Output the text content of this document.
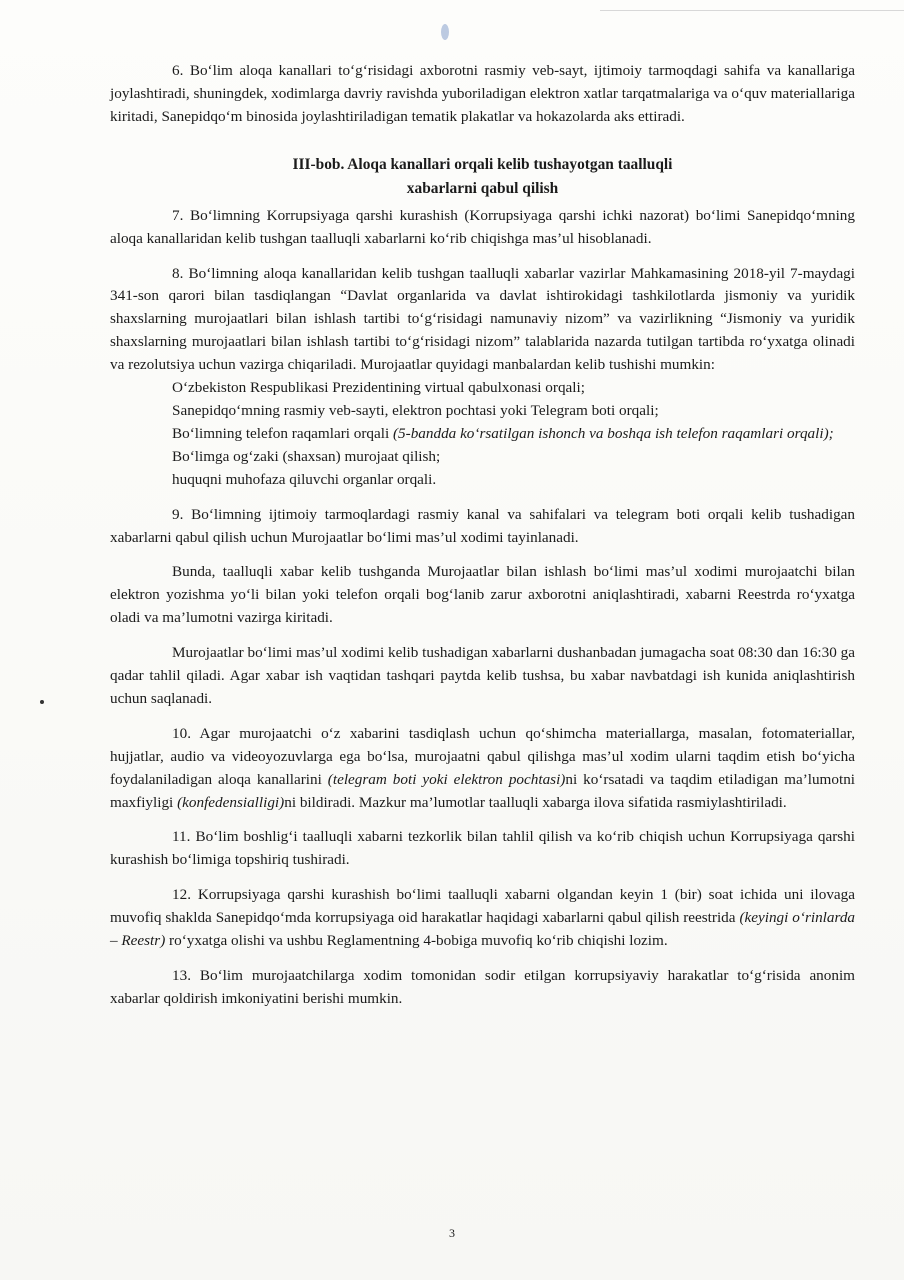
6. Bo‘lim aloqa kanallari to‘g‘risidagi axborotni rasmiy veb-sayt, ijtimoiy tarmoqdagi sahifa va kanallariga joylashtiradi, shuningdek, xodimlarga davriy ravishda yuboriladigan elektron xatlar tarqatmalariga va o‘quv materiallariga kiritadi, Sanepidqo‘m binosida joylashtiriladigan tematik plakatlar va hokazolarda aks ettiradi.

III-bob. Aloqa kanallari orqali kelib tushayotgan taalluqli
xabarlarni qabul qilish

7. Bo‘limning Korrupsiyaga qarshi kurashish (Korrupsiyaga qarshi ichki nazorat) bo‘limi Sanepidqo‘mning aloqa kanallaridan kelib tushgan taalluqli xabarlarni ko‘rib chiqishga mas’ul hisoblanadi.

8. Bo‘limning aloqa kanallaridan kelib tushgan taalluqli xabarlar vazirlar Mahkamasining 2018-yil 7-maydagi 341-son qarori bilan tasdiqlangan “Davlat organlarida va davlat ishtirokidagi tashkilotlarda jismoniy va yuridik shaxslarning murojaatlari bilan ishlash tartibi to‘g‘risidagi namunaviy nizom” va vazirlikning “Jismoniy va yuridik shaxslarning murojaatlari bilan ishlash tartibi to‘g‘risidagi nizom” talablarida nazarda tutilgan tartibda ro‘yxatga olinadi va rezolutsiya uchun vazirga chiqariladi. Murojaatlar quyidagi manbalardan kelib tushishi mumkin:

O‘zbekiston Respublikasi Prezidentining virtual qabulxonasi orqali;

Sanepidqo‘mning rasmiy veb-sayti, elektron pochtasi yoki Telegram boti orqali;

Bo‘limning telefon raqamlari orqali (5-bandda ko‘rsatilgan ishonch va boshqa ish telefon raqamlari orqali);

Bo‘limga og‘zaki (shaxsan) murojaat qilish;

huquqni muhofaza qiluvchi organlar orqali.

9. Bo‘limning ijtimoiy tarmoqlardagi rasmiy kanal va sahifalari va telegram boti orqali kelib tushadigan xabarlarni qabul qilish uchun Murojaatlar bo‘limi mas’ul xodimi tayinlanadi.

Bunda, taalluqli xabar kelib tushganda Murojaatlar bilan ishlash bo‘limi mas’ul xodimi murojaatchi bilan elektron yozishma yo‘li bilan yoki telefon orqali bog‘lanib zarur axborotni aniqlashtiradi, xabarni Reestrda ro‘yxatga oladi va ma’lumotni vazirga kiritadi.

Murojaatlar bo‘limi mas’ul xodimi kelib tushadigan xabarlarni dushanbadan jumagacha soat 08:30 dan 16:30 ga qadar tahlil qiladi. Agar xabar ish vaqtidan tashqari paytda kelib tushsa, bu xabar navbatdagi ish kunida aniqlashtirish uchun saqlanadi.

10. Agar murojaatchi o‘z xabarini tasdiqlash uchun qo‘shimcha materiallarga, masalan, fotomateriallar, hujjatlar, audio va videoyozuvlarga ega bo‘lsa, murojaatni qabul qilishga mas’ul xodim ularni taqdim etish bo‘yicha foydalaniladigan aloqa kanallarini (telegram boti yoki elektron pochtasi)ni ko‘rsatadi va taqdim etiladigan ma’lumotni maxfiyligi (konfedensialligi)ni bildiradi. Mazkur ma’lumotlar taalluqli xabarga ilova sifatida rasmiylashtiriladi.

11. Bo‘lim boshlig‘i taalluqli xabarni tezkorlik bilan tahlil qilish va ko‘rib chiqish uchun Korrupsiyaga qarshi kurashish bo‘limiga topshiriq tushiradi.

12. Korrupsiyaga qarshi kurashish bo‘limi taalluqli xabarni olgandan keyin 1 (bir) soat ichida uni ilovaga muvofiq shaklda Sanepidqo‘mda korrupsiyaga oid harakatlar haqidagi xabarlarni qabul qilish reestrida (keyingi o‘rinlarda – Reestr) ro‘yxatga olishi va ushbu Reglamentning 4-bobiga muvofiq ko‘rib chiqishi lozim.

13. Bo‘lim murojaatchilarga xodim tomonidan sodir etilgan korrupsiyaviy harakatlar to‘g‘risida anonim xabarlar qoldirish imkoniyatini berishi mumkin.

3
